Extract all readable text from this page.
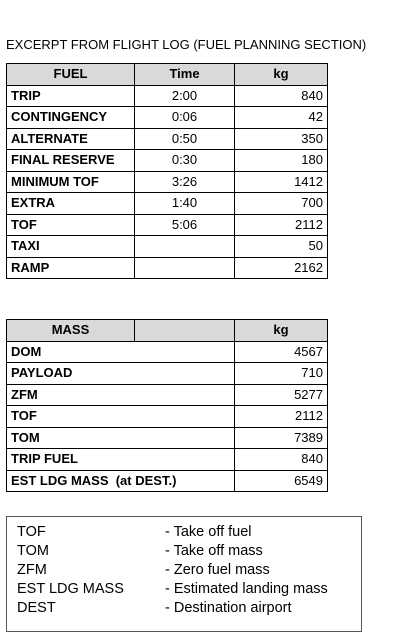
EXCERPT FROM FLIGHT LOG (FUEL PLANNING SECTION)
FUEL	Time	kg
TRIP	2:00	840
CONTINGENCY	0:06	42
ALTERNATE	0:50	350
FINAL RESERVE	0:30	180
MINIMUM TOF	3:26	1412
EXTRA	1:40	700
TOF	5:06	2112
TAXI		50
RAMP		2162
MASS		kg
DOM		4567
PAYLOAD		710
ZFM		5277
TOF		2112
TOM		7389
TRIP FUEL		840
EST LDG MASS  (at DEST.)		6549
TOF	- Take off fuel
TOM	- Take off mass
ZFM	- Zero fuel mass
EST LDG MASS	- Estimated landing mass
DEST	- Destination airport
